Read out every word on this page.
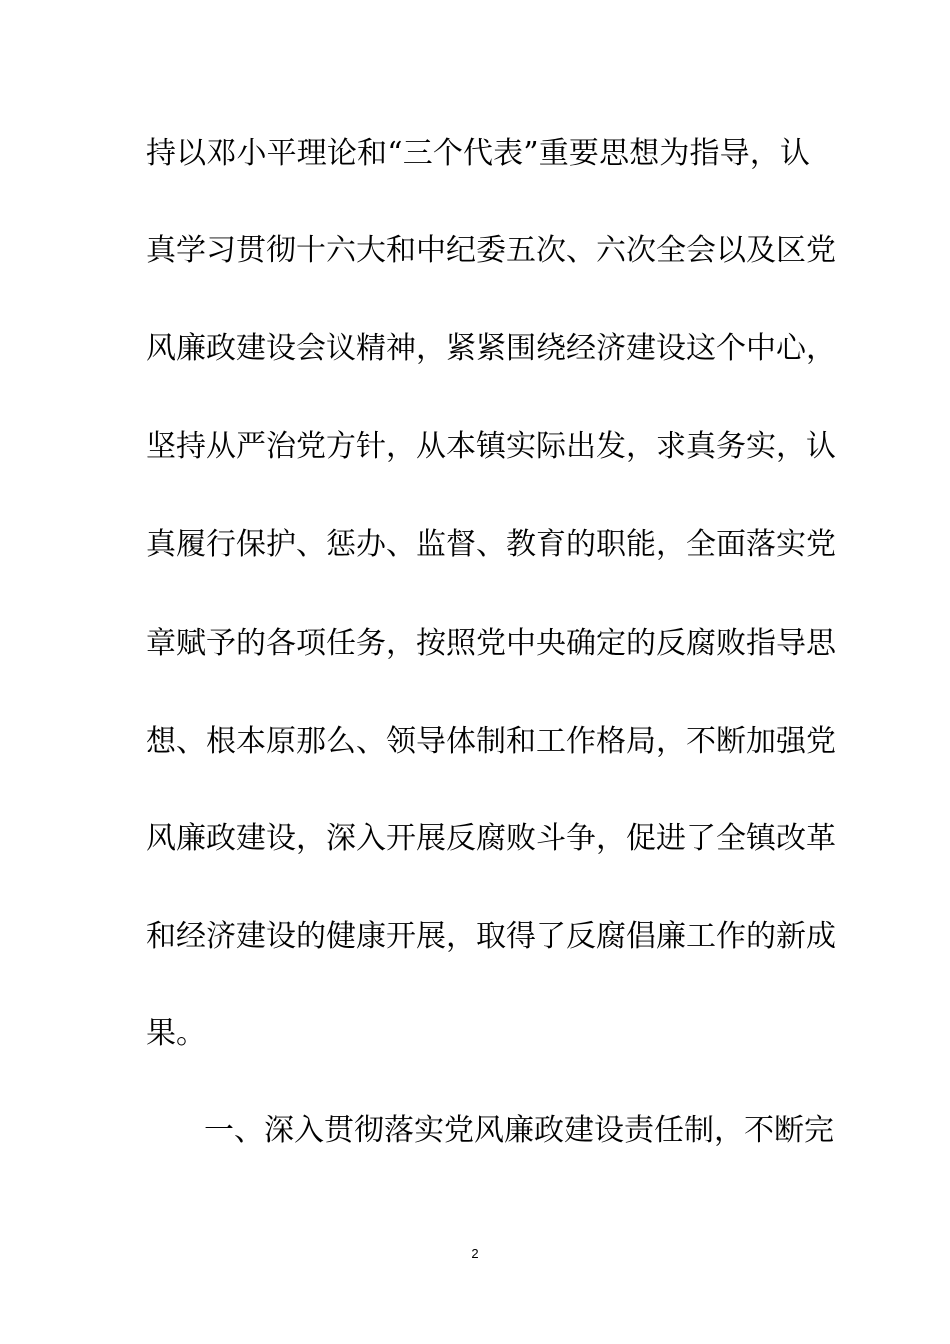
持以邓小平理论和“三个代表”重要思想为指导，认
真学习贯彻十六大和中纪委五次、六次全会以及区党
风廉政建设会议精神，紧紧围绕经济建设这个中心，
坚持从严治党方针，从本镇实际出发，求真务实，认
真履行保护、惩办、监督、教育的职能，全面落实党
章赋予的各项任务，按照党中央确定的反腐败指导思
想、根本原那么、领导体制和工作格局，不断加强党
风廉政建设，深入开展反腐败斗争，促进了全镇改革
和经济建设的健康开展，取得了反腐倡廉工作的新成
果。
一、深入贯彻落实党风廉政建设责任制，不断完
2
